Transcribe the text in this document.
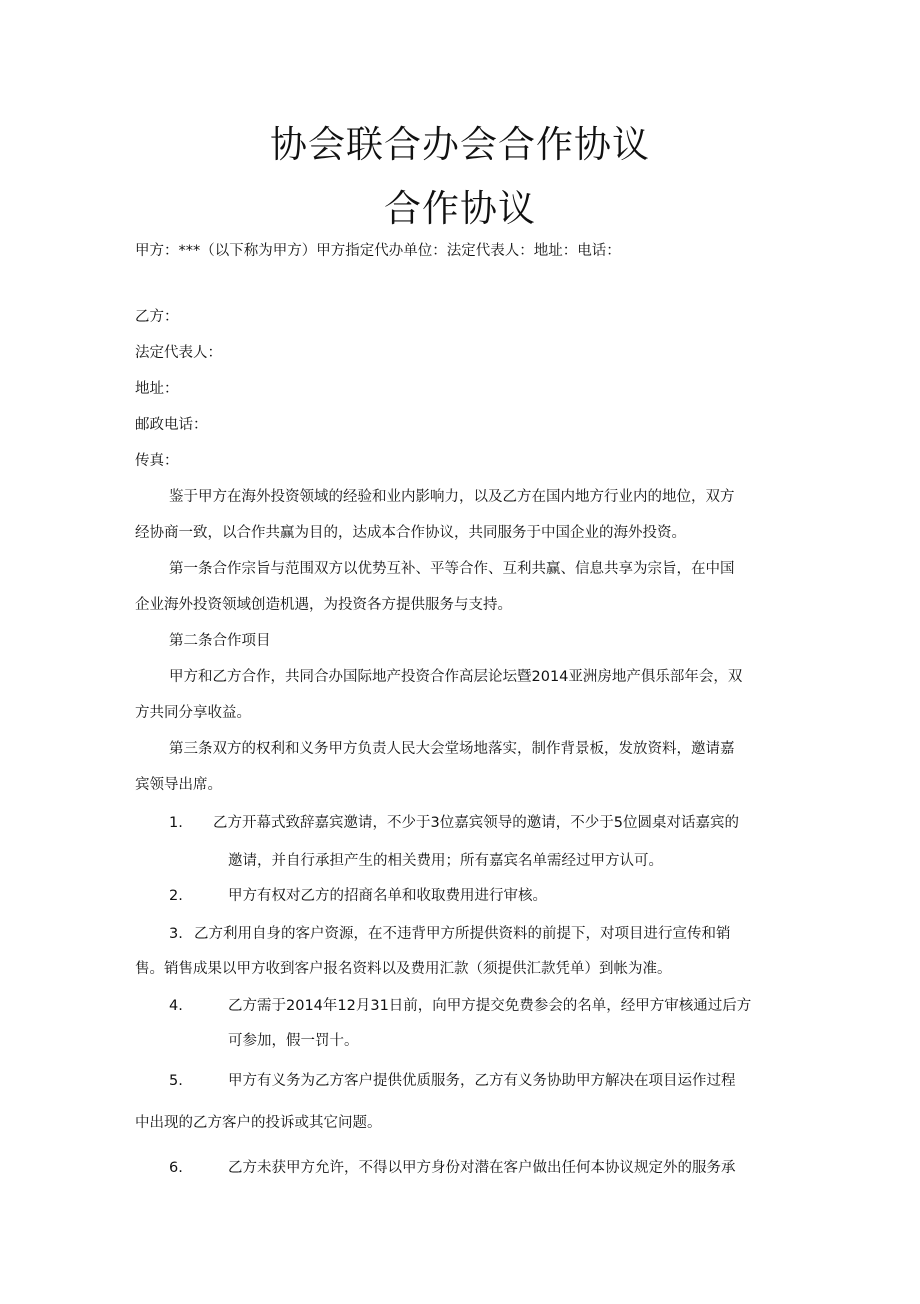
协会联合办会合作协议
合作协议
甲方：***（以下称为甲方）甲方指定代办单位：法定代表人：地址：电话：
乙方：
法定代表人：
地址：
邮政电话：
传真：
鉴于甲方在海外投资领域的经验和业内影响力，以及乙方在国内地方行业内的地位，双方
经协商一致，以合作共赢为目的，达成本合作协议，共同服务于中国企业的海外投资。
第一条合作宗旨与范围双方以优势互补、平等合作、互利共赢、信息共享为宗旨，在中国
企业海外投资领域创造机遇，为投资各方提供服务与支持。
第二条合作项目
甲方和乙方合作，共同合办国际地产投资合作高层论坛暨2014亚洲房地产俱乐部年会，双
方共同分享收益。
第三条双方的权利和义务甲方负责人民大会堂场地落实，制作背景板，发放资料，邀请嘉
宾领导出席。
1. 乙方开幕式致辞嘉宾邀请，不少于3位嘉宾领导的邀请，不少于5位圆桌对话嘉宾的
邀请，并自行承担产生的相关费用；所有嘉宾名单需经过甲方认可。
2.	甲方有权对乙方的招商名单和收取费用进行审核。
3. 乙方利用自身的客户资源，在不违背甲方所提供资料的前提下，对项目进行宣传和销
售。销售成果以甲方收到客户报名资料以及费用汇款（须提供汇款凭单）到帐为准。
4.	乙方需于2014年12月31日前，向甲方提交免费参会的名单，经甲方审核通过后方
可参加，假一罚十。
5.	甲方有义务为乙方客户提供优质服务，乙方有义务协助甲方解决在项目运作过程
中出现的乙方客户的投诉或其它问题。
6.	乙方未获甲方允许，不得以甲方身份对潜在客户做出任何本协议规定外的服务承
